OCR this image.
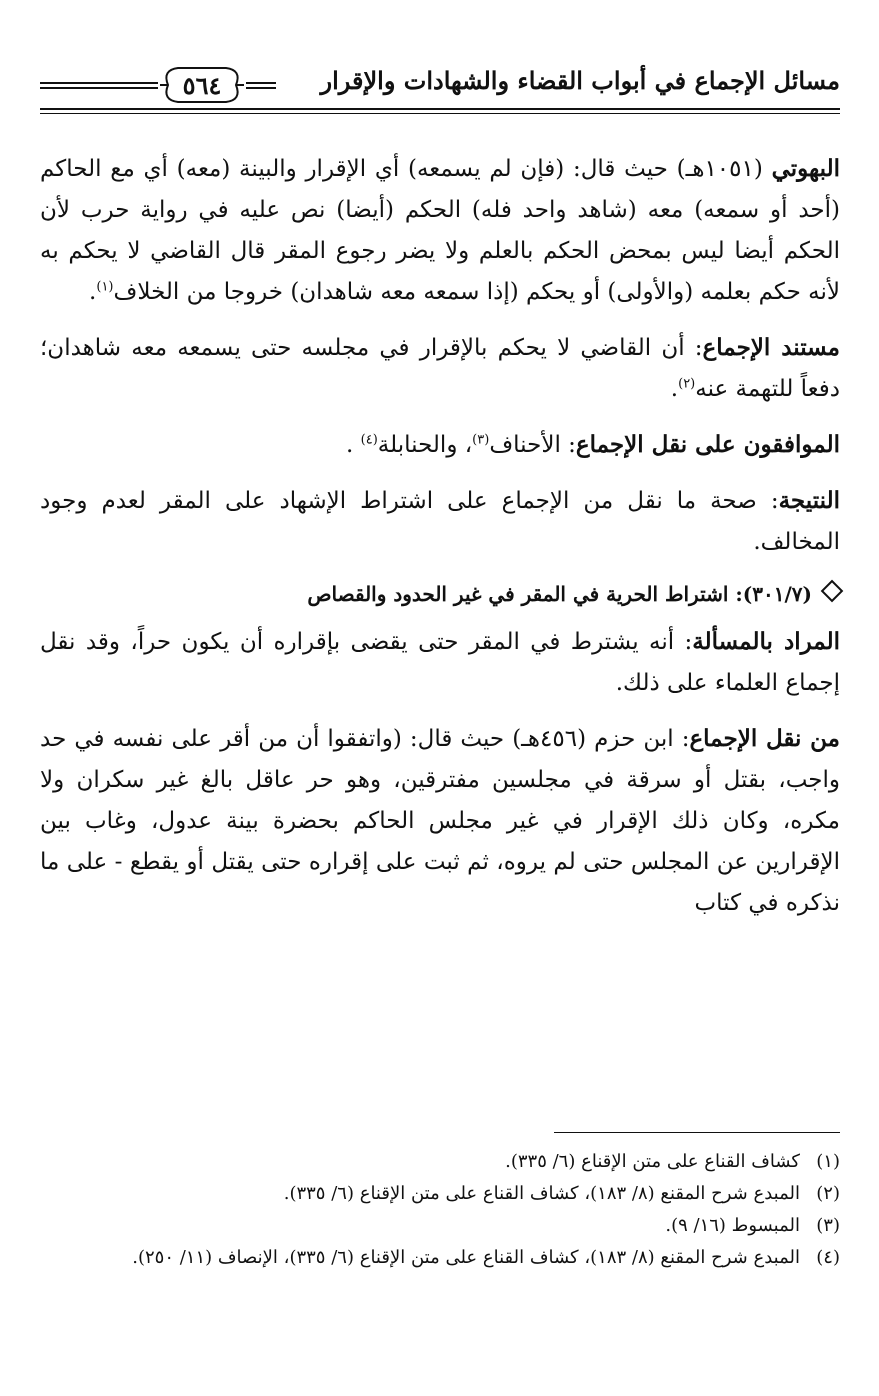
مسائل الإجماع في أبواب القضاء والشهادات والإقرار
٥٦٤

البهوتي (١٠٥١هـ) حيث قال: (فإن لم يسمعه) أي الإقرار والبينة (معه) أي مع الحاكم (أحد أو سمعه) معه (شاهد واحد فله) الحكم (أيضا) نص عليه في رواية حرب لأن الحكم أيضا ليس بمحض الحكم بالعلم ولا يضر رجوع المقر قال القاضي لا يحكم به لأنه حكم بعلمه (والأولى) أو يحكم (إذا سمعه معه شاهدان) خروجا من الخلاف$^{(١)}$.

مستند الإجماع: أن القاضي لا يحكم بالإقرار في مجلسه حتى يسمعه معه شاهدان؛ دفعاً للتهمة عنه$^{(٢)}$.

الموافقون على نقل الإجماع: الأحناف$^{(٣)}$، والحنابلة$^{(٤)}$ .

النتيجة: صحة ما نقل من الإجماع على اشتراط الإشهاد على المقر لعدم وجود المخالف.

(٣٠١/٧): اشتراط الحرية في المقر في غير الحدود والقصاص

المراد بالمسألة: أنه يشترط في المقر حتى يقضى بإقراره أن يكون حراً، وقد نقل إجماع العلماء على ذلك.

من نقل الإجماع: ابن حزم (٤٥٦هـ) حيث قال: (واتفقوا أن من أقر على نفسه في حد واجب، بقتل أو سرقة في مجلسين مفترقين، وهو حر عاقل بالغ غير سكران ولا مكره، وكان ذلك الإقرار في غير مجلس الحاكم بحضرة بينة عدول، وغاب بين الإقرارين عن المجلس حتى لم يروه، ثم ثبت على إقراره حتى يقتل أو يقطع - على ما نذكره في كتاب

(١)كشاف القناع على متن الإقناع (٦/ ٣٣٥).

(٢)المبدع شرح المقنع (٨/ ١٨٣)، كشاف القناع على متن الإقناع (٦/ ٣٣٥).

(٣)المبسوط (١٦/ ٩).

(٤)المبدع شرح المقنع (٨/ ١٨٣)، كشاف القناع على متن الإقناع (٦/ ٣٣٥)، الإنصاف (١١/ ٢٥٠).
